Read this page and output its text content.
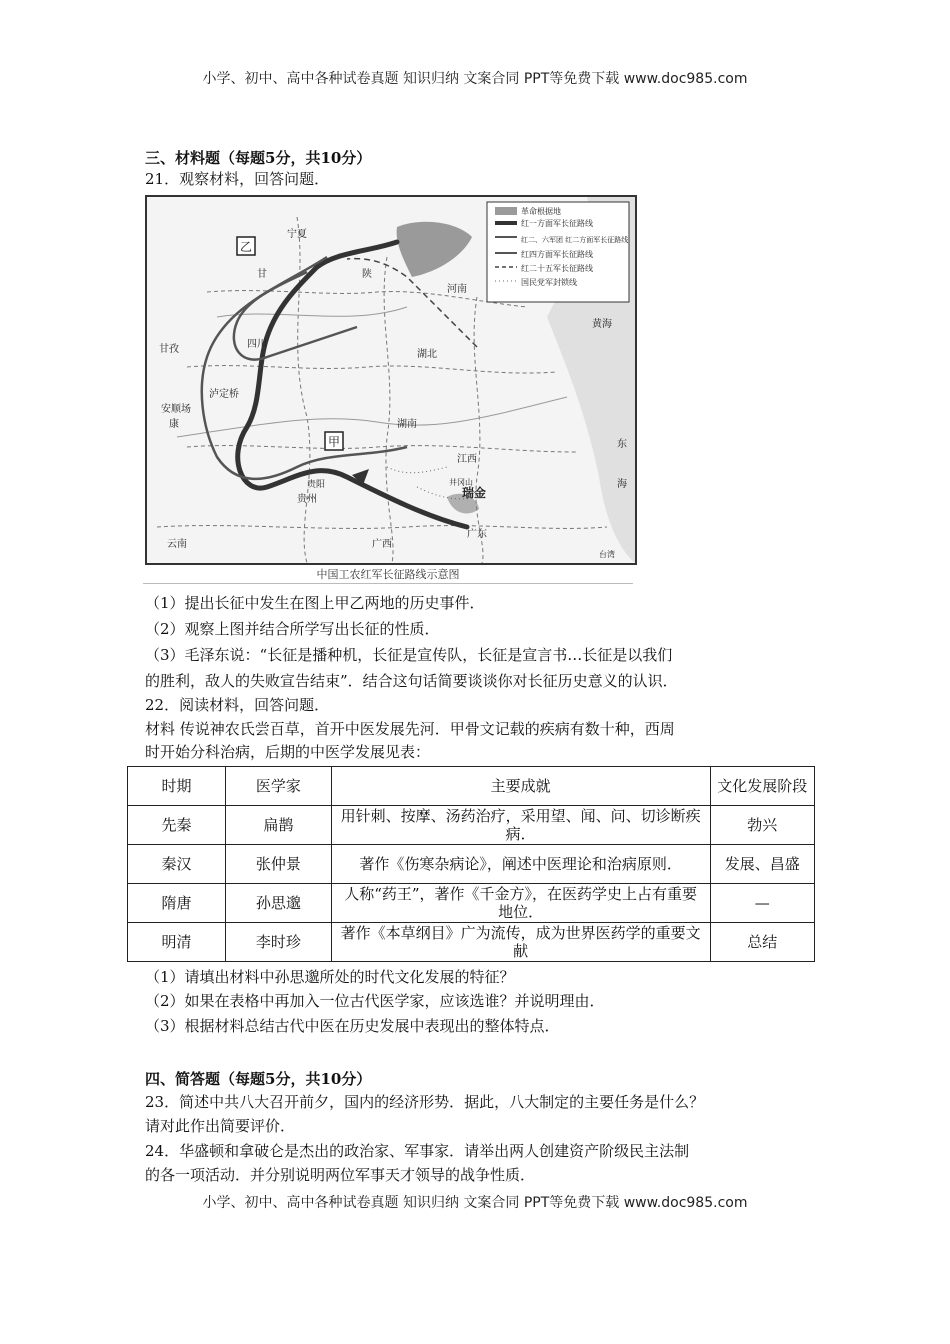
小学、初中、高中各种试卷真题 知识归纳 文案合同 PPT等免费下载 www.doc985.com
三、材料题（每题5分，共10分）
21．观察材料，回答问题．
革命根据地
红一方面军长征路线
红二、六军团 红二方面军长征路线
红四方面军长征路线
红二十五军长征路线
国民党军封锁线
乙
甲
甘孜
安顺场
泸定桥
四川
河南
湖北
湖南
江西
瑞金
井冈山
贵州
贵阳
云南	广西
广东
黄海
东
海
台湾
宁夏
陕
甘
康
中国工农红军长征路线示意图
（1）提出长征中发生在图上甲乙两地的历史事件．
（2）观察上图并结合所学写出长征的性质．
（3）毛泽东说：“长征是播种机，长征是宣传队，长征是宣言书…长征是以我们
的胜利，敌人的失败宣告结束”．结合这句话简要谈谈你对长征历史意义的认识．
22．阅读材料，回答问题．
材料 传说神农氏尝百草，首开中医发展先河．甲骨文记载的疾病有数十种，西周
时开始分科治病，后期的中医学发展见表：
时期	医学家	主要成就	文化发展阶段
先秦	扁鹊	用针刺、按摩、汤药治疗，采用望、闻、问、切诊断疾病．	勃兴
秦汉	张仲景	著作《伤寒杂病论》，阐述中医理论和治病原则．	发展、昌盛
隋唐	孙思邈	人称“药王”，著作《千金方》，在医药学史上占有重要地位．	—
明清	李时珍	著作《本草纲目》广为流传，成为世界医药学的重要文献	总结
（1）请填出材料中孙思邈所处的时代文化发展的特征？
（2）如果在表格中再加入一位古代医学家，应该选谁？并说明理由．
（3）根据材料总结古代中医在历史发展中表现出的整体特点．
四、简答题（每题5分，共10分）
23．简述中共八大召开前夕，国内的经济形势．据此，八大制定的主要任务是什么？
请对此作出简要评价．
24．华盛顿和拿破仑是杰出的政治家、军事家．请举出两人创建资产阶级民主法制
的各一项活动．并分别说明两位军事天才领导的战争性质．
小学、初中、高中各种试卷真题 知识归纳 文案合同 PPT等免费下载 www.doc985.com
